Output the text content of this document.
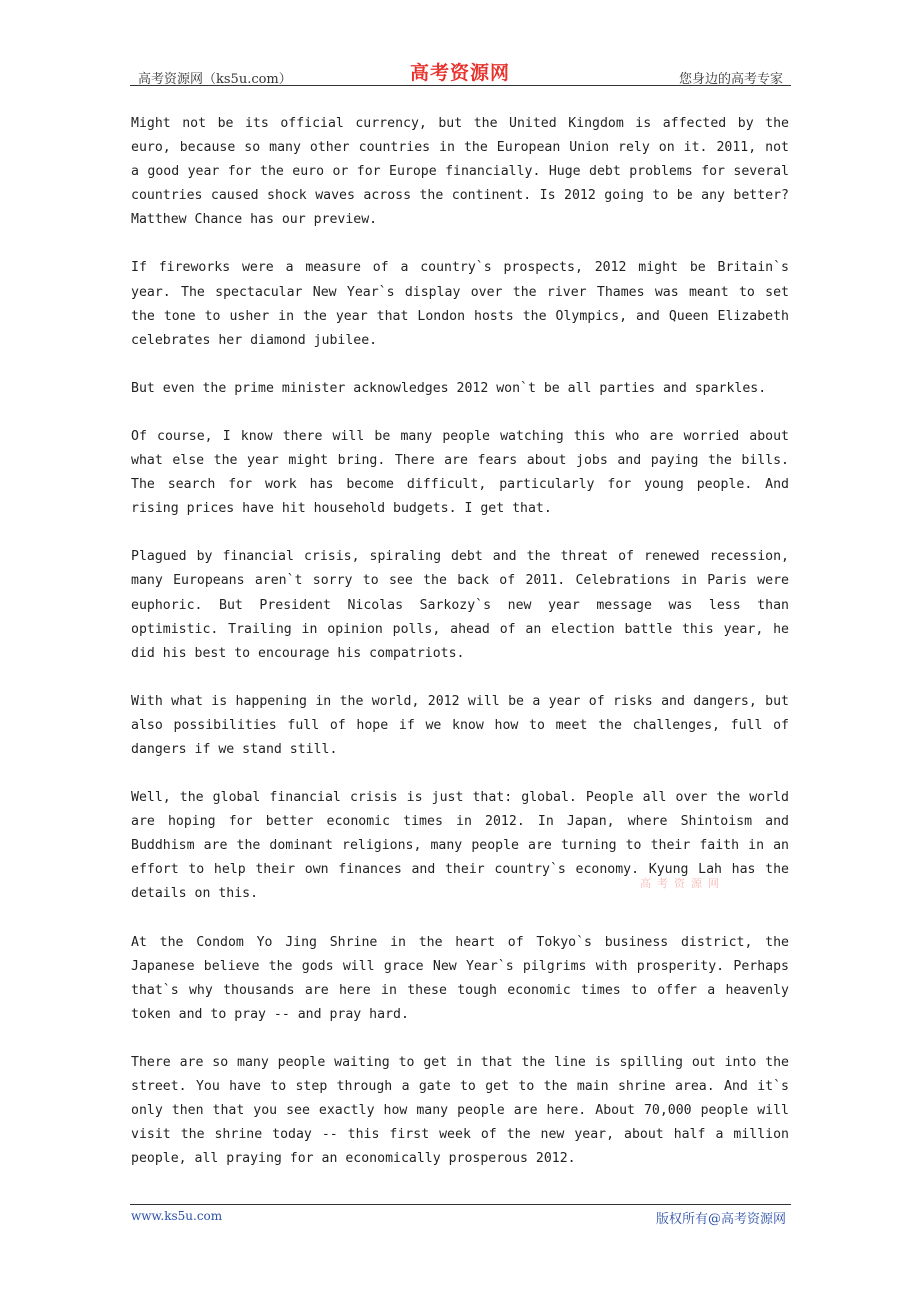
高考资源网（ks5u.com）	高考资源网	您身边的高考专家

Might not be its official currency, but the United Kingdom is affected by the euro, because so many other countries in the European Union rely on it. 2011, not a good year for the euro or for Europe financially. Huge debt problems for several countries caused shock waves across the continent. Is 2012 going to be any better? Matthew Chance has our preview.

If fireworks were a measure of a country`s prospects, 2012 might be Britain`s year. The spectacular New Year`s display over the river Thames was meant to set the tone to usher in the year that London hosts the Olympics, and Queen Elizabeth celebrates her diamond jubilee.

But even the prime minister acknowledges 2012 won`t be all parties and sparkles.

Of course, I know there will be many people watching this who are worried about what else the year might bring. There are fears about jobs and paying the bills. The search for work has become difficult, particularly for young people. And rising prices have hit household budgets. I get that.

Plagued by financial crisis, spiraling debt and the threat of renewed recession, many Europeans aren`t sorry to see the back of 2011. Celebrations in Paris were euphoric. But President Nicolas Sarkozy`s new year message was less than optimistic. Trailing in opinion polls, ahead of an election battle this year, he did his best to encourage his compatriots.

With what is happening in the world, 2012 will be a year of risks and dangers, but also possibilities full of hope if we know how to meet the challenges, full of dangers if we stand still.

Well, the global financial crisis is just that: global. People all over the world are hoping for better economic times in 2012. In Japan, where Shintoism and Buddhism are the dominant religions, many people are turning to their faith in an effort to help their own finances and their country`s economy. Kyung Lah has the details on this.

At the Condom Yo Jing Shrine in the heart of Tokyo`s business district, the Japanese believe the gods will grace New Year`s pilgrims with prosperity. Perhaps that`s why thousands are here in these tough economic times to offer a heavenly token and to pray -- and pray hard.

There are so many people waiting to get in that the line is spilling out into the street. You have to step through a gate to get to the main shrine area. And it`s only then that you see exactly how many people are here. About 70,000 people will visit the shrine today -- this first week of the new year, about half a million people, all praying for an economically prosperous 2012.

高考资源网
www.ks5u.com	版权所有@高考资源网
